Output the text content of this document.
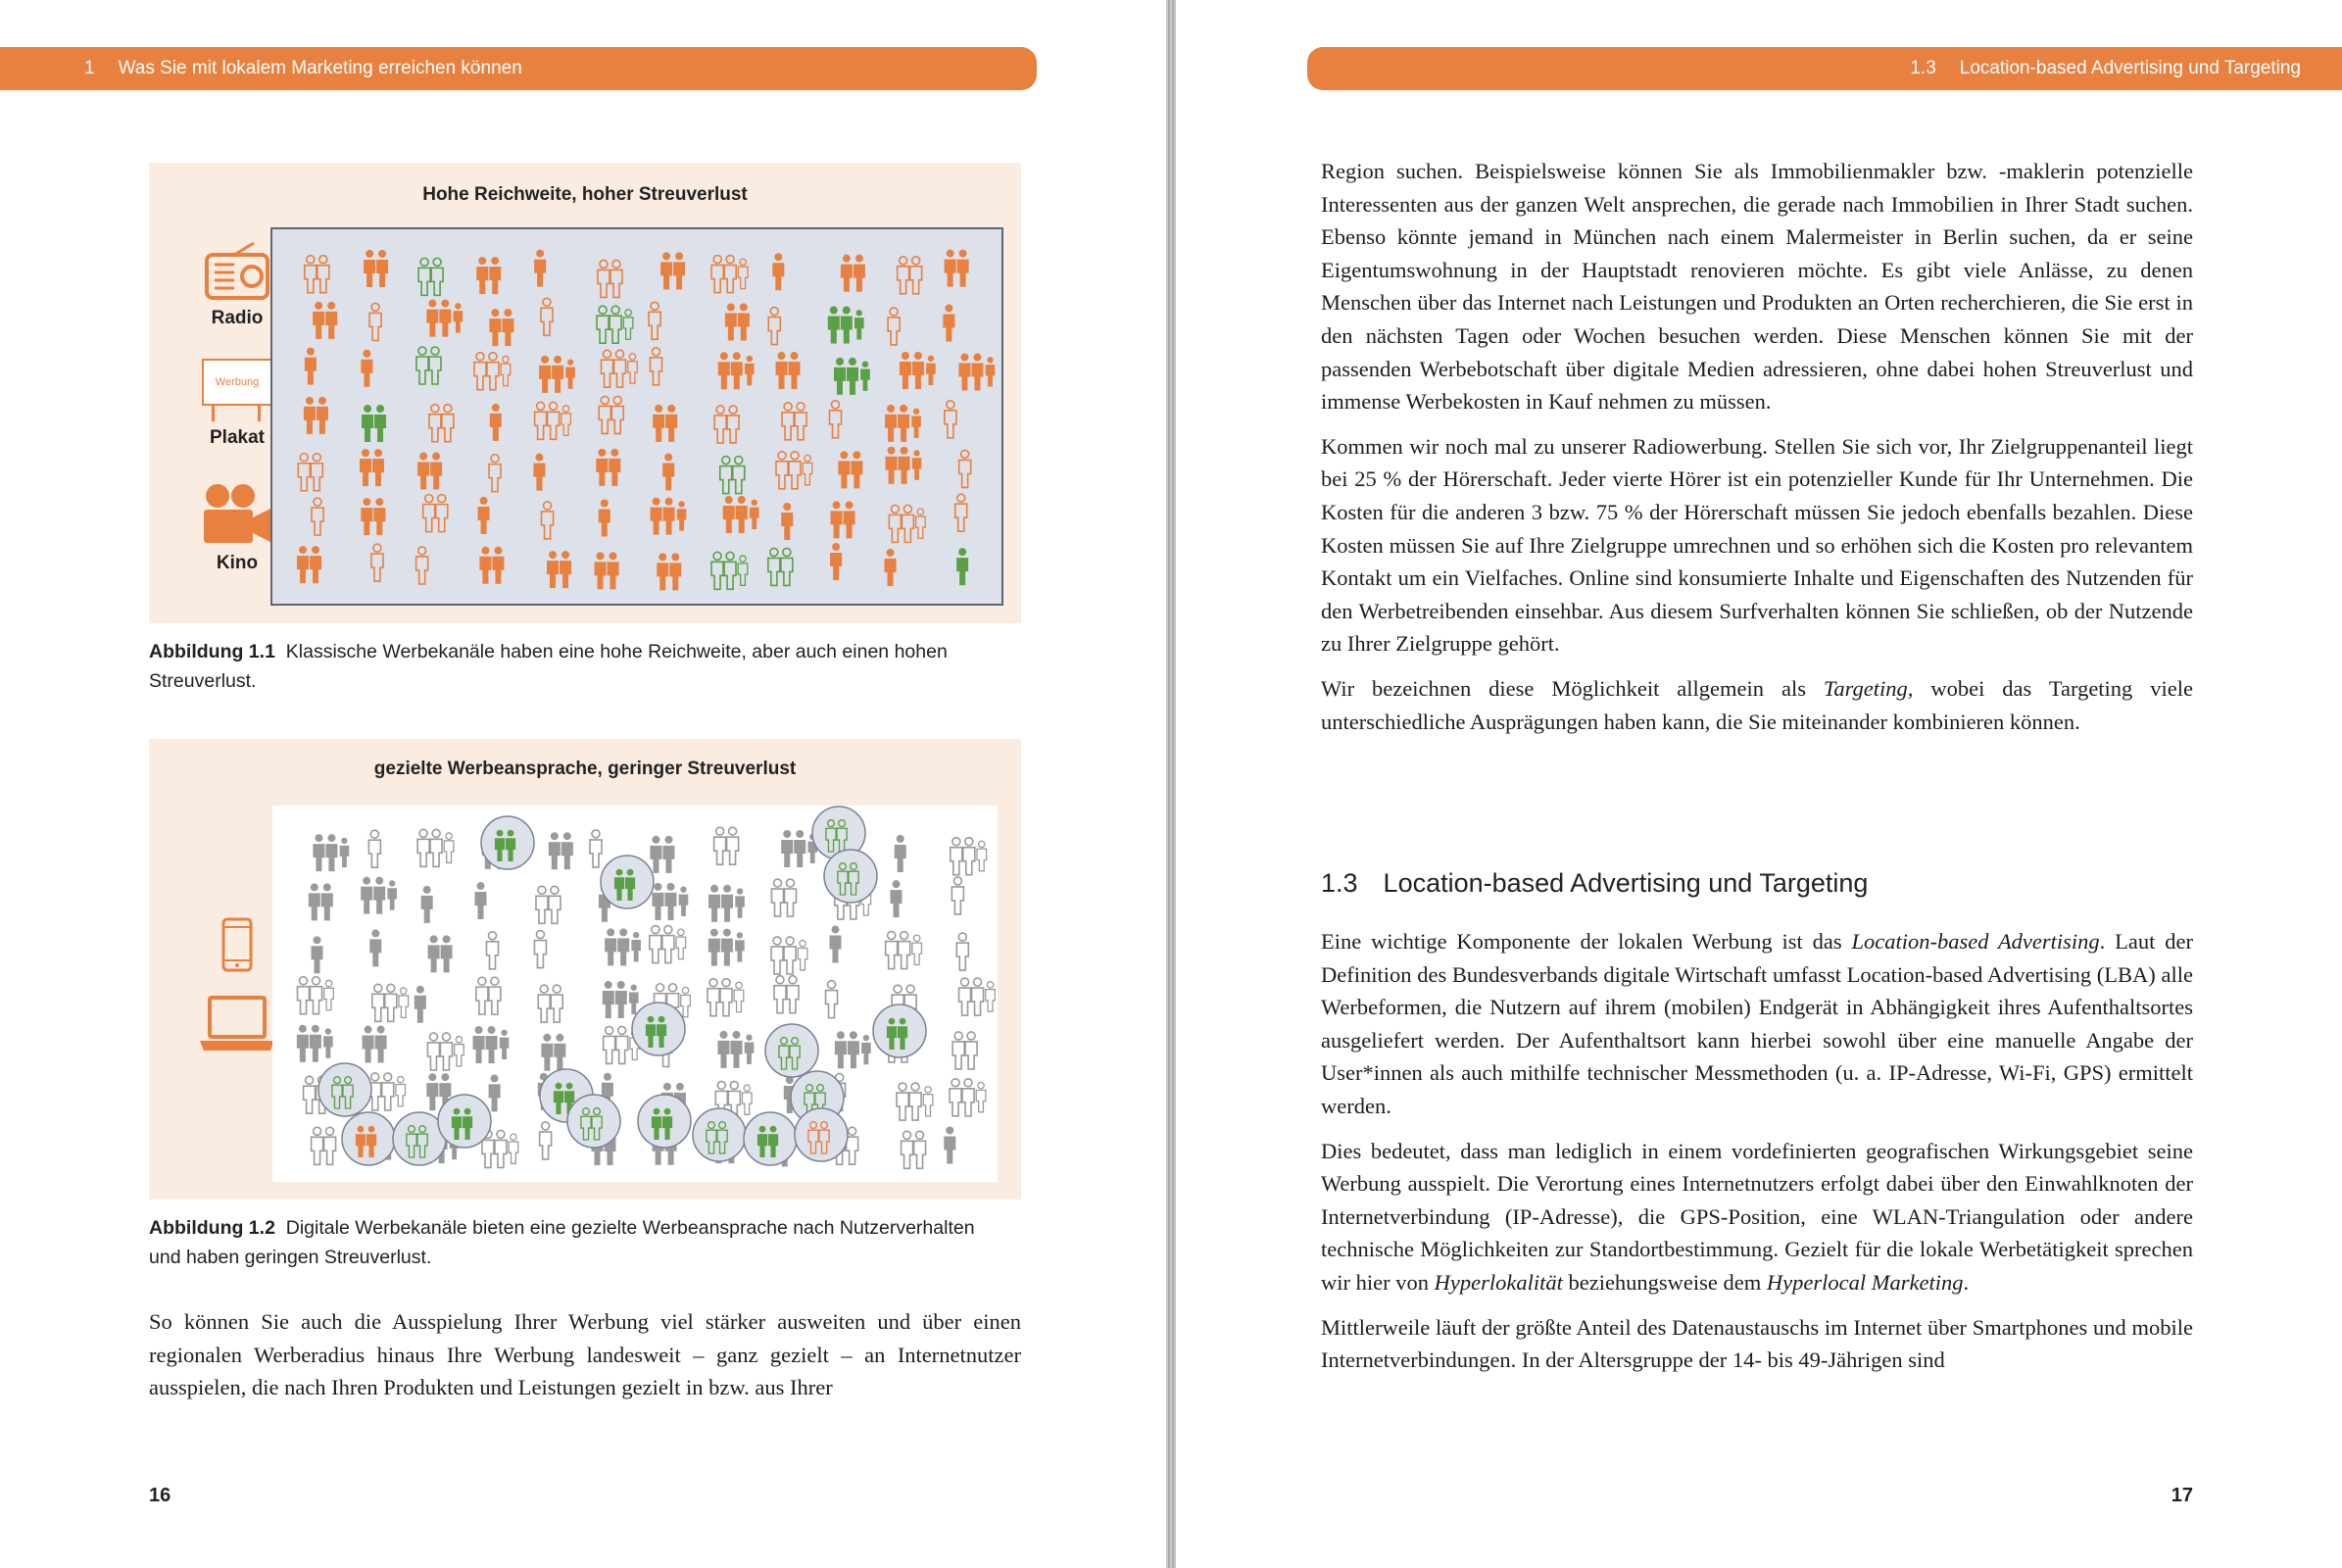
1 Was Sie mit lokalem Marketing erreichen können
Hohe Reichweite, hoher Streuverlust
Radio
Werbung
Plakat
Kino
Abbildung 1.1 Klassische Werbekanäle haben eine hohe Reichweite, aber auch einen hohen Streuverlust.
gezielte Werbeansprache, geringer Streuverlust
Abbildung 1.2 Digitale Werbekanäle bieten eine gezielte Werbeansprache nach Nutzerverhalten und haben geringen Streuverlust.

So können Sie auch die Ausspielung Ihrer Werbung viel stärker ausweiten und über einen regionalen Werberadius hinaus Ihre Werbung landesweit – ganz gezielt – an Internetnutzer ausspielen, die nach Ihren Produkten und Leistungen gezielt in bzw. aus Ihrer

16
1.3 Location-based Advertising und Targeting

Region suchen. Beispielsweise können Sie als Immobilienmakler bzw. -maklerin potenzielle Interessenten aus der ganzen Welt ansprechen, die gerade nach Immobilien in Ihrer Stadt suchen. Ebenso könnte jemand in München nach einem Malermeister in Berlin suchen, da er seine Eigentumswohnung in der Hauptstadt renovieren möchte. Es gibt viele Anlässe, zu denen Menschen über das Internet nach Leistungen und Produkten an Orten recherchieren, die Sie erst in den nächsten Tagen oder Wochen besuchen werden. Diese Menschen können Sie mit der passenden Werbebotschaft über digitale Medien adressieren, ohne dabei hohen Streuverlust und immense Werbekosten in Kauf nehmen zu müssen.

Kommen wir noch mal zu unserer Radiowerbung. Stellen Sie sich vor, Ihr Zielgruppenanteil liegt bei 25 % der Hörerschaft. Jeder vierte Hörer ist ein potenzieller Kunde für Ihr Unternehmen. Die Kosten für die anderen 3 bzw. 75 % der Hörerschaft müssen Sie jedoch ebenfalls bezahlen. Diese Kosten müssen Sie auf Ihre Zielgruppe umrechnen und so erhöhen sich die Kosten pro relevantem Kontakt um ein Vielfaches. Online sind konsumierte Inhalte und Eigenschaften des Nutzenden für den Werbetreibenden einsehbar. Aus diesem Surfverhalten können Sie schließen, ob der Nutzende zu Ihrer Zielgruppe gehört.

Wir bezeichnen diese Möglichkeit allgemein als Targeting, wobei das Targeting viele unterschiedliche Ausprägungen haben kann, die Sie miteinander kombinieren können.

1.3 Location-based Advertising und Targeting

Eine wichtige Komponente der lokalen Werbung ist das Location-based Advertising. Laut der Definition des Bundesverbands digitale Wirtschaft umfasst Location-based Advertising (LBA) alle Werbeformen, die Nutzern auf ihrem (mobilen) Endgerät in Abhängigkeit ihres Aufenthaltsortes ausgeliefert werden. Der Aufenthaltsort kann hierbei sowohl über eine manuelle Angabe der User*innen als auch mithilfe technischer Messmethoden (u. a. IP-Adresse, Wi-Fi, GPS) ermittelt werden.

Dies bedeutet, dass man lediglich in einem vordefinierten geografischen Wirkungsgebiet seine Werbung ausspielt. Die Verortung eines Internetnutzers erfolgt dabei über den Einwahlknoten der Internetverbindung (IP-Adresse), die GPS-Position, eine WLAN-Triangulation oder andere technische Möglichkeiten zur Standortbestimmung. Gezielt für die lokale Werbetätigkeit sprechen wir hier von Hyperlokalität beziehungsweise dem Hyperlocal Marketing.

Mittlerweile läuft der größte Anteil des Datenaustauschs im Internet über Smartphones und mobile Internetverbindungen. In der Altersgruppe der 14- bis 49-Jährigen sind

17
